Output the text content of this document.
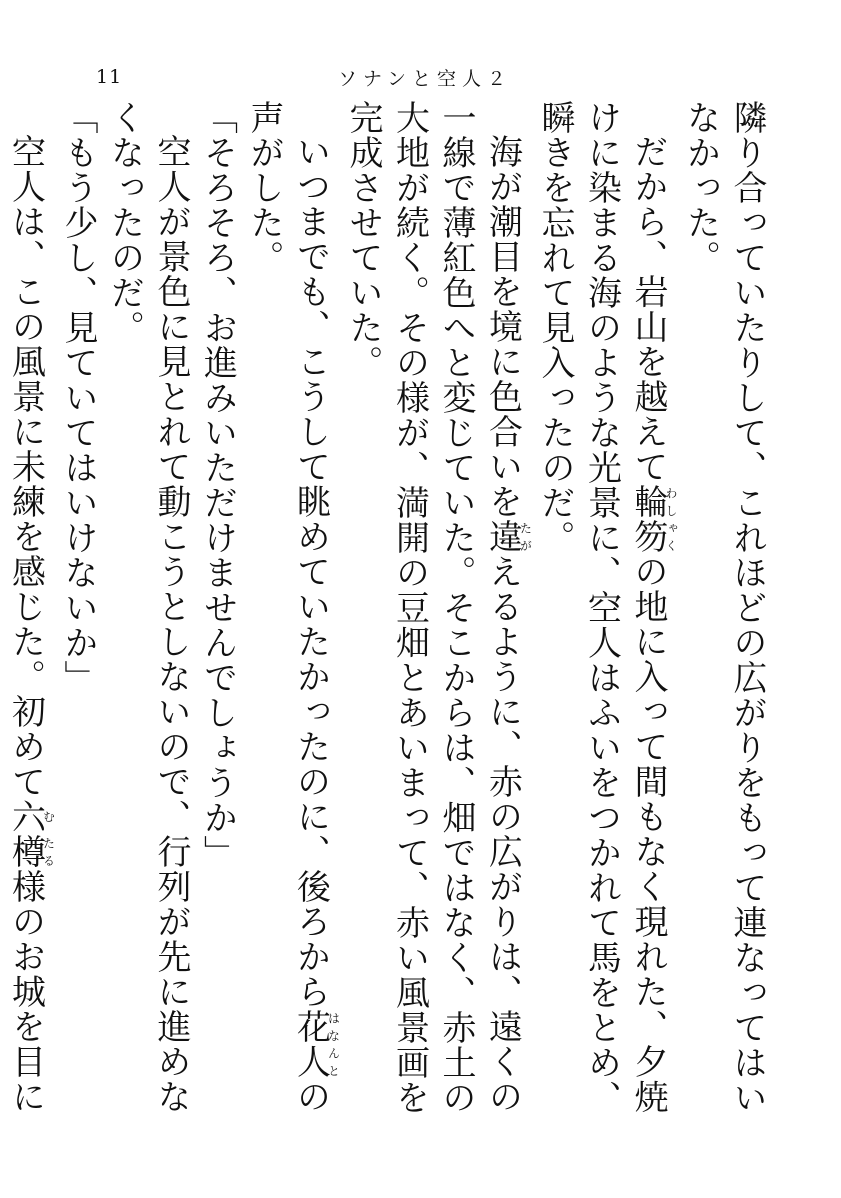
11	ソナンと空人２

隣り合っていたりして、これほどの広がりをもって連なってはいなかった。

だから、岩山を越えて輪笏わしゃくの地に入って間もなく現れた、夕焼けに染まる海のような光景に、空人はふいをつかれて馬をとめ、瞬きを忘れて見入ったのだ。

海が潮目を境に色合いを違たがえるように、赤の広がりは、遠くの一線で薄紅色へと変じていた。そこからは、畑ではなく、赤土の大地が続く。その様が、満開の豆畑とあいまって、赤い風景画を完成させていた。

いつまでも、こうして眺めていたかったのに、後ろから花人はなんとの声がした。

「そろそろ、お進みいただけませんでしょうか」

空人が景色に見とれて動こうとしないので、行列が先に進めなくなったのだ。

「もう少し、見ていてはいけないか」

空人は、この風景に未練を感じた。初めて六む樽たる様のお城を目に
